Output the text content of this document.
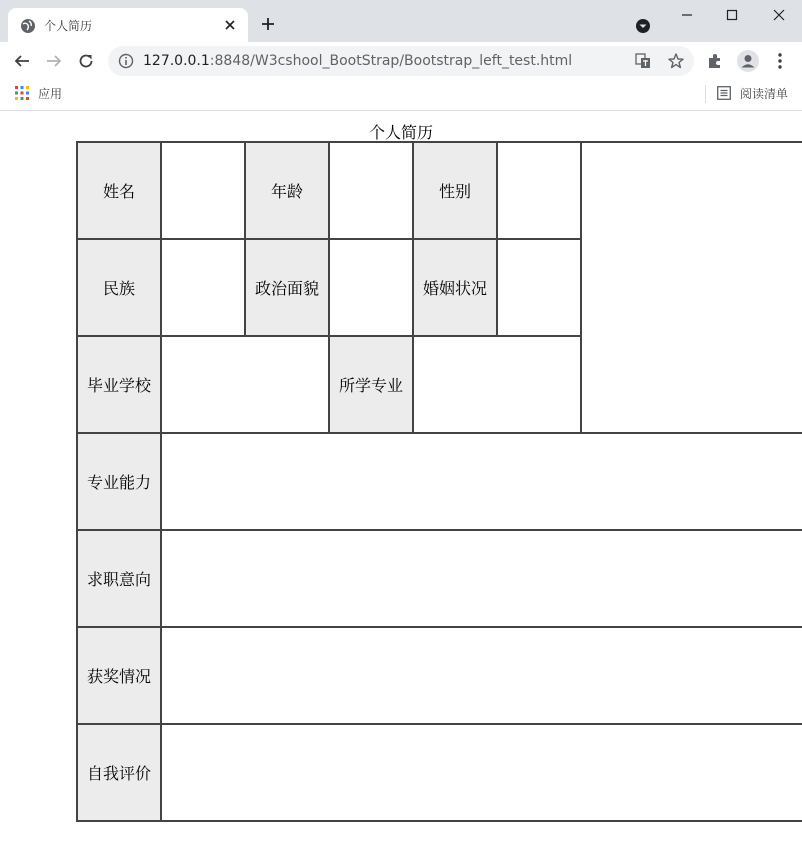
个人简历
127.0.0.1:8848/W3cshool_BootStrap/Bootstrap_left_test.html
应用	阅读清单
个人简历
姓名		年龄		性别		
民族		政治面貌		婚姻状况		
毕业学校			所学专业			
专业能力						
求职意向						
获奖情况						
自我评价						
